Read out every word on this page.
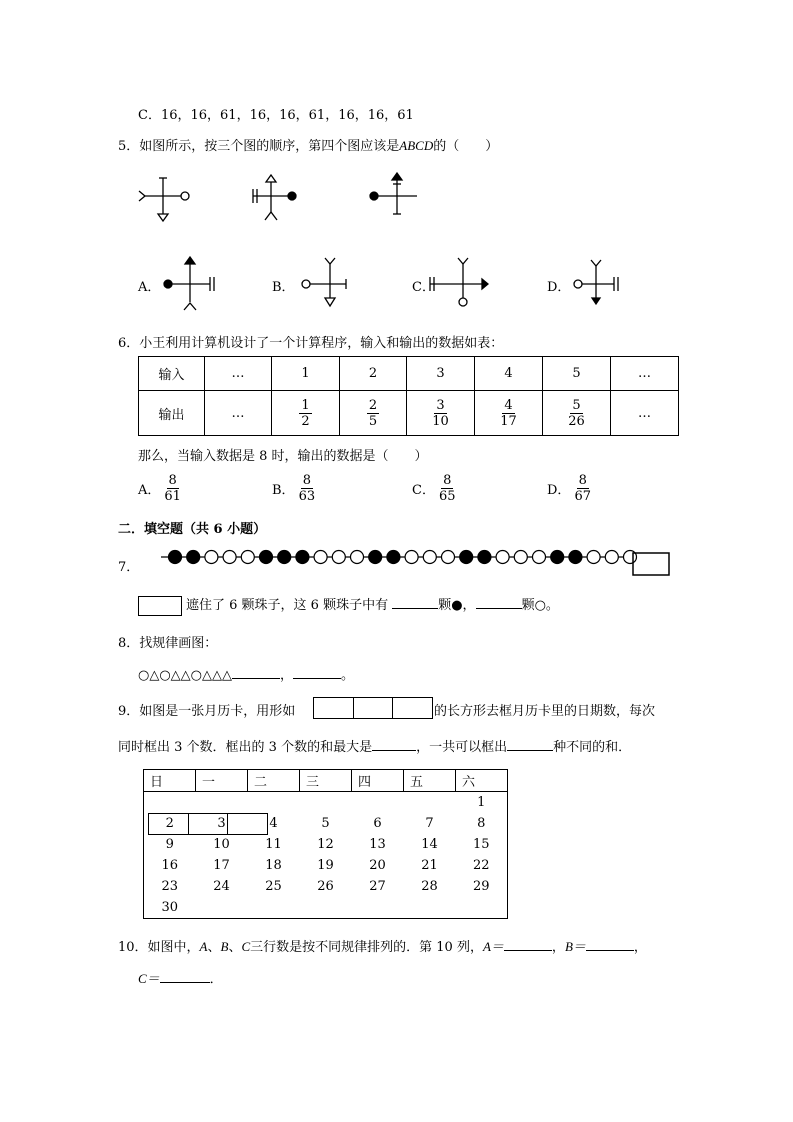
C．16，16，61，16，16，61，16，16，61
5．如图所示，按三个图的顺序，第四个图应该是ABCD的（　　）
A．	B．	C．	D．
6．小王利用计算机设计了一个计算程序，输入和输出的数据如表：
输入	…	1	2	3	4	5	…
输出	…	$\frac{1}{2}$	$\frac{2}{5}$	$\frac{3}{10}$	$\frac{4}{17}$	$\frac{5}{26}$	…
那么，当输入数据是 8 时，输出的数据是（　　）
A． $\frac{8}{61}$	B． $\frac{8}{63}$	C． $\frac{8}{65}$	D． $\frac{8}{67}$
二．填空题（共 6 小题）
7．
遮住了 6 颗珠子，这 6 颗珠子中有	颗●，	颗○。
8．找规律画图：
○△○△△○△△△	，	。
9．如图是一张月历卡，用形如	的长方形去框月历卡里的日期数，每次
同时框出 3 个数．框出的 3 个数的和最大是	，一共可以框出	种不同的和．
日	一	二	三	四	五	六
						1
2	3	4	5	6	7	8
9	10	11	12	13	14	15
16	17	18	19	20	21	22
23	24	25	26	27	28	29
30						
10．如图中，A、B、C三行数是按不同规律排列的．第 10 列，A＝	，B＝	，
C＝	．
